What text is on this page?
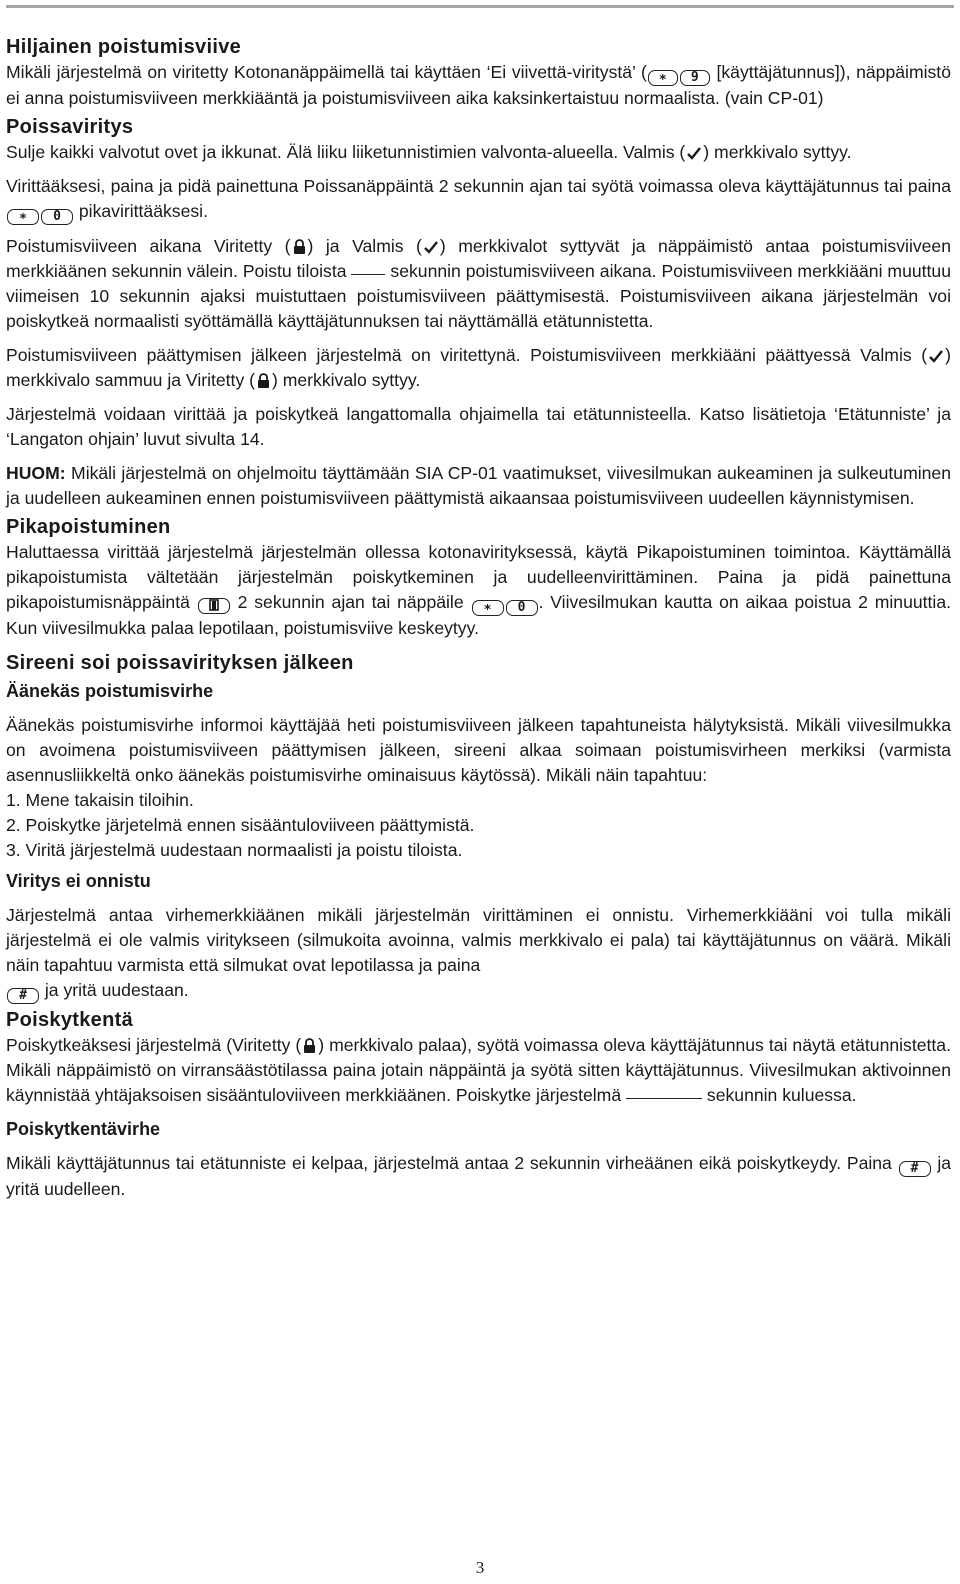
Hiljainen poistumisviive

Mikäli järjestelmä on viritetty Kotonanäppäimellä tai käyttäen ‘Ei viivettä-viritystä’ ( ∗ 9 [käyttäjätunnus]), näppäimistö ei anna poistumisviiveen merkkiääntä ja poistumisviiveen aika kaksinkertaistuu normaalista. (vain CP-01)

Poissaviritys

Sulje kaikki valvotut ovet ja ikkunat. Älä liiku liiketunnistimien valvonta-alueella. Valmis ( ) merkkivalo syttyy.

Virittääksesi, paina ja pidä painettuna Poissanäppäintä 2 sekunnin ajan tai syötä voimassa oleva käyttäjätunnus tai paina ∗ 0 pikavirittääksesi.

Poistumisviiveen aikana Viritetty ( ) ja Valmis ( ) merkkivalot syttyvät ja näppäimistö antaa poistumisviiveen merkkiäänen sekunnin välein. Poistu tiloista sekunnin poistumisviiveen aikana. Poistumisviiveen merkkiääni muuttuu viimeisen 10 sekunnin ajaksi muistuttaen poistumisviiveen päättymisestä. Poistumisviiveen aikana järjestelmän voi poiskytkeä normaalisti syöttämällä käyttäjätunnuksen tai näyttämällä etätunnistetta.

Poistumisviiveen päättymisen jälkeen järjestelmä on viritettynä. Poistumisviiveen merkkiääni päättyessä Valmis ( ) merkkivalo sammuu ja Viritetty ( ) merkkivalo syttyy.

Järjestelmä voidaan virittää ja poiskytkeä langattomalla ohjaimella tai etätunnisteella. Katso lisätietoja ‘Etätunniste’ ja ‘Langaton ohjain’ luvut sivulta 14.

HUOM: Mikäli järjestelmä on ohjelmoitu täyttämään SIA CP-01 vaatimukset, viivesilmukan aukeaminen ja sulkeutuminen ja uudelleen aukeaminen ennen poistumisviiveen päättymistä aikaansaa poistumisviiveen uudeellen käynnistymisen.

Pikapoistuminen

Haluttaessa virittää järjestelmä järjestelmän ollessa kotonavirityksessä, käytä Pikapoistuminen toimintoa. Käyttämällä pikapoistumista vältetään järjestelmän poiskytkeminen ja uudelleenvirittäminen. Paina ja pidä painettuna pikapoistumisnäppäintä	2 sekunnin ajan tai näppäile ∗ 0 . Viivesilmukan kautta on aikaa poistua 2 minuuttia. Kun viivesilmukka palaa lepotilaan, poistumisviive keskeytyy.

Sireeni soi poissavirityksen jälkeen
Äänekäs poistumisvirhe

Äänekäs poistumisvirhe informoi käyttäjää heti poistumisviiveen jälkeen tapahtuneista hälytyksistä. Mikäli viivesilmukka on avoimena poistumisviiveen päättymisen jälkeen, sireeni alkaa soimaan poistumisvirheen merkiksi (varmista asennusliikkeltä onko äänekäs poistumisvirhe ominaisuus käytössä). Mikäli näin tapahtuu:

1. Mene takaisin tiloihin.

2. Poiskytke järjetelmä ennen sisääntuloviiveen päättymistä.

3. Viritä järjestelmä uudestaan normaalisti ja poistu tiloista.

Viritys ei onnistu

Järjestelmä antaa virhemerkkiäänen mikäli järjestelmän virittäminen ei onnistu. Virhemerkkiääni voi tulla mikäli järjestelmä ei ole valmis viritykseen (silmukoita avoinna, valmis merkkivalo ei pala) tai käyttäjätunnus on väärä. Mikäli näin tapahtuu varmista että silmukat ovat lepotilassa ja paina
# ja yritä uudestaan.

Poiskytkentä

Poiskytkeäksesi järjestelmä (Viritetty ( ) merkkivalo palaa), syötä voimassa oleva käyttäjätunnus tai näytä etätunnistetta. Mikäli näppäimistö on virransäästötilassa paina jotain näppäintä ja syötä sitten käyttäjätunnus. Viivesilmukan aktivoinnen käynnistää yhtäjaksoisen sisääntuloviiveen merkkiäänen. Poiskytke järjestelmä	sekunnin kuluessa.

Poiskytkentävirhe

Mikäli käyttäjätunnus tai etätunniste ei kelpaa, järjestelmä antaa 2 sekunnin virheäänen eikä poiskytkeydy. Paina # ja yritä uudelleen.

3
